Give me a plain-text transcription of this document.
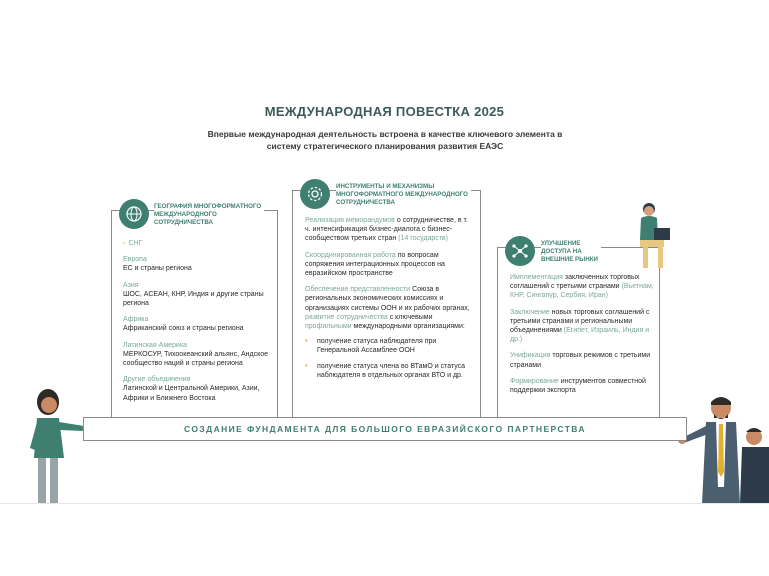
МЕЖДУНАРОДНАЯ ПОВЕСТКА 2025
Впервые международная деятельность встроена в качестве ключевого элемента в систему стратегического планирования развития ЕАЭС
ГЕОГРАФИЯ МНОГОФОРМАТНОГО МЕЖДУНАРОДНОГО СОТРУДНИЧЕСТВА
- СНГ
Европа
ЕС и страны региона
Азия
ШОС, АСЕАН, КНР, Индия и другие страны региона
Африка
Африканский союз и страны региона
Латинская Америка
МЕРКОСУР, Тихоокеанский альянс, Андское сообщество наций и страны региона
Другие объединения
Латинской и Центральной Америки, Азии, Африки и Ближнего Востока
ИНСТРУМЕНТЫ И МЕХАНИЗМЫ МНОГОФОРМАТНОГО МЕЖДУНАРОДНОГО СОТРУДНИЧЕСТВА
Реализация меморандумов о сотрудничестве, в т. ч. интенсификация бизнес-диалога с бизнес-сообществом третьих стран (14 государств)
Скоординированная работа по вопросам сопряжения интеграционных процессов на евразийском пространстве
Обеспечение представленности Союза в региональных экономических комиссиях и организациях системы ООН и их рабочих органах, развитие сотрудничества с ключевыми профильными международными организациями:
• получение статуса наблюдателя при Генеральной Ассамблее ООН
• получение статуса члена во ВТамО и статуса наблюдателя в отдельных органах ВТО и др.
УЛУЧШЕНИЕ ДОСТУПА НА ВНЕШНИЕ РЫНКИ
Имплементация заключенных торговых соглашений с третьими странами (Вьетнам, КНР, Сингапур, Сербия, Иран)
Заключение новых торговых соглашений с третьими странами и региональными объединениями (Египет, Израиль, Индия и др.)
Унификация торговых режимов с третьими странами
Формирование инструментов совместной поддержки экспорта
СОЗДАНИЕ ФУНДАМЕНТА ДЛЯ БОЛЬШОГО ЕВРАЗИЙСКОГО ПАРТНЕРСТВА
